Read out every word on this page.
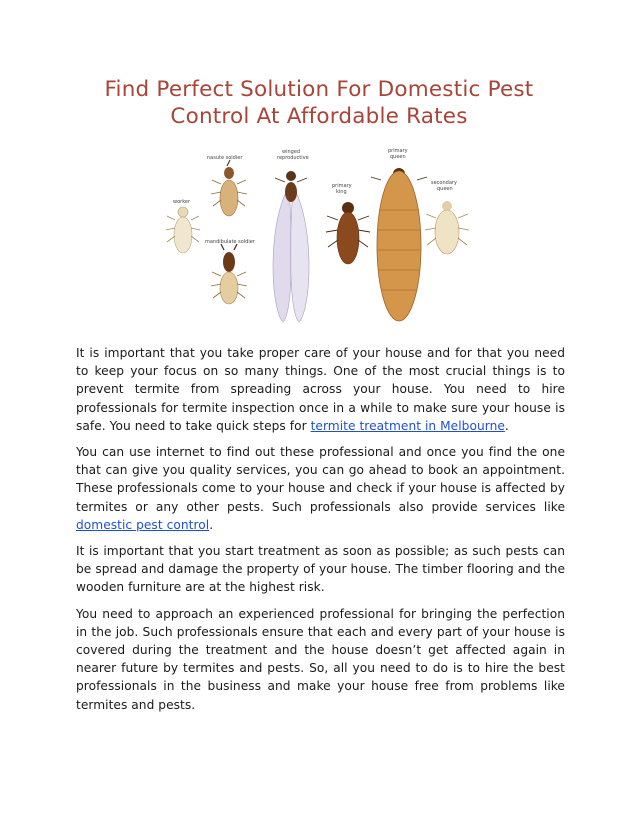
Find Perfect Solution For Domestic Pest
Control At Affordable Rates
worker
nasute soldier
mandibulate soldier
winged
reproductive
primary
king
primary
queen
secondary
queen

It is important that you take proper care of your house and for that you need to keep your focus on so many things. One of the most crucial things is to prevent termite from spreading across your house. You need to hire professionals for termite inspection once in a while to make sure your house is safe. You need to take quick steps for termite treatment in Melbourne.

You can use internet to find out these professional and once you find the one that can give you quality services, you can go ahead to book an appointment. These professionals come to your house and check if your house is affected by termites or any other pests. Such professionals also provide services like domestic pest control.

It is important that you start treatment as soon as possible; as such pests can be spread and damage the property of your house. The timber flooring and the wooden furniture are at the highest risk.

You need to approach an experienced professional for bringing the perfection in the job. Such professionals ensure that each and every part of your house is covered during the treatment and the house doesn’t get affected again in nearer future by termites and pests. So, all you need to do is to hire the best professionals in the business and make your house free from problems like termites and pests.
